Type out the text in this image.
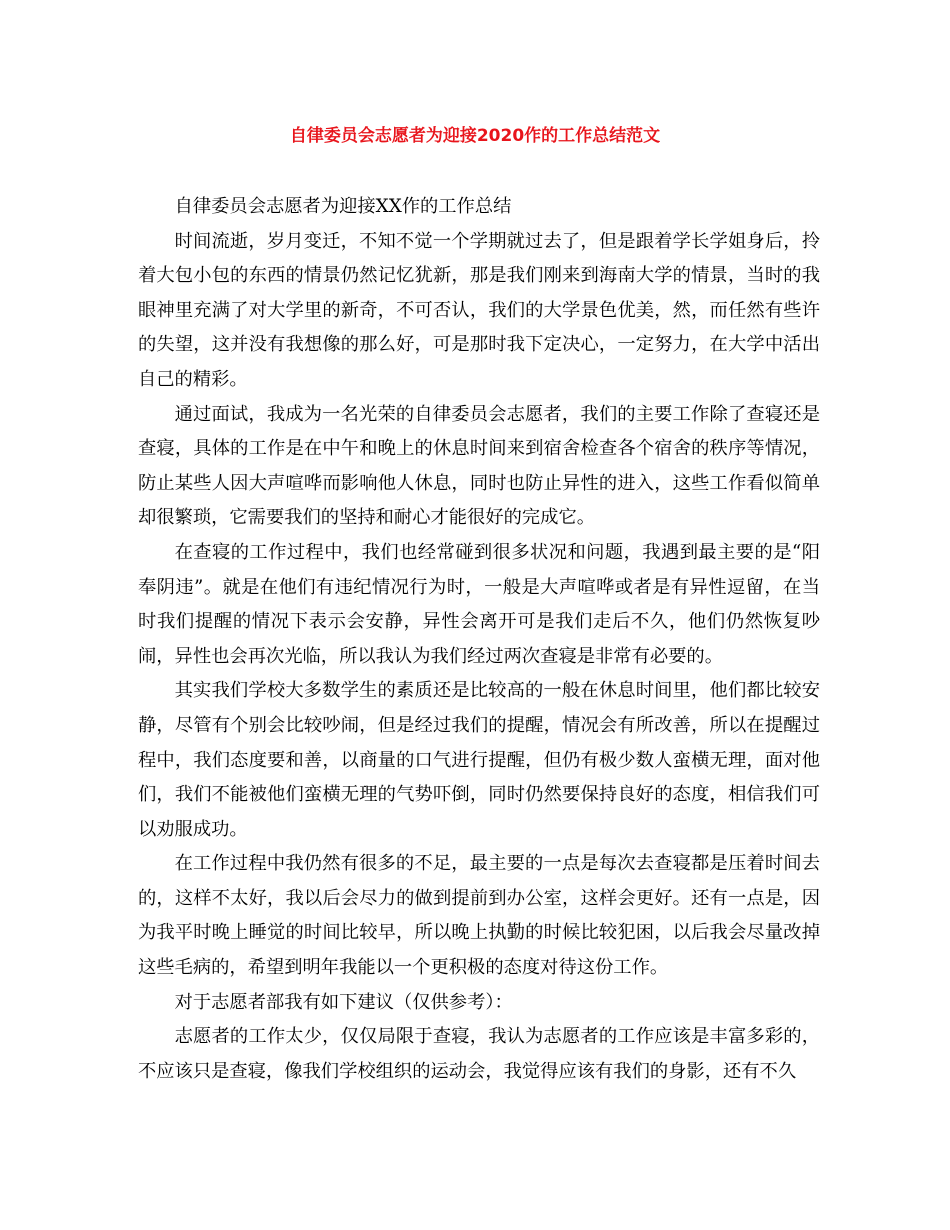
自律委员会志愿者为迎接2020作的工作总结范文

自律委员会志愿者为迎接XX作的工作总结

时间流逝，岁月变迁，不知不觉一个学期就过去了，但是跟着学长学姐身后，拎着大包小包的东西的情景仍然记忆犹新，那是我们刚来到海南大学的情景，当时的我眼神里充满了对大学里的新奇，不可否认，我们的大学景色优美，然，而任然有些许的失望，这并没有我想像的那么好，可是那时我下定决心，一定努力，在大学中活出自己的精彩。

通过面试，我成为一名光荣的自律委员会志愿者，我们的主要工作除了查寝还是查寝，具体的工作是在中午和晚上的休息时间来到宿舍检查各个宿舍的秩序等情况，防止某些人因大声喧哗而影响他人休息，同时也防止异性的进入，这些工作看似简单却很繁琐，它需要我们的坚持和耐心才能很好的完成它。

在查寝的工作过程中，我们也经常碰到很多状况和问题，我遇到最主要的是“阳奉阴违”。就是在他们有违纪情况行为时，一般是大声喧哗或者是有异性逗留，在当时我们提醒的情况下表示会安静，异性会离开可是我们走后不久，他们仍然恢复吵闹，异性也会再次光临，所以我认为我们经过两次查寝是非常有必要的。

其实我们学校大多数学生的素质还是比较高的一般在休息时间里，他们都比较安静，尽管有个别会比较吵闹，但是经过我们的提醒，情况会有所改善，所以在提醒过程中，我们态度要和善，以商量的口气进行提醒，但仍有极少数人蛮横无理，面对他们，我们不能被他们蛮横无理的气势吓倒，同时仍然要保持良好的态度，相信我们可以劝服成功。

在工作过程中我仍然有很多的不足，最主要的一点是每次去查寝都是压着时间去的，这样不太好，我以后会尽力的做到提前到办公室，这样会更好。还有一点是，因为我平时晚上睡觉的时间比较早，所以晚上执勤的时候比较犯困，以后我会尽量改掉这些毛病的，希望到明年我能以一个更积极的态度对待这份工作。

对于志愿者部我有如下建议（仅供参考）：

志愿者的工作太少，仅仅局限于查寝，我认为志愿者的工作应该是丰富多彩的，不应该只是查寝，像我们学校组织的运动会，我觉得应该有我们的身影，还有不久
